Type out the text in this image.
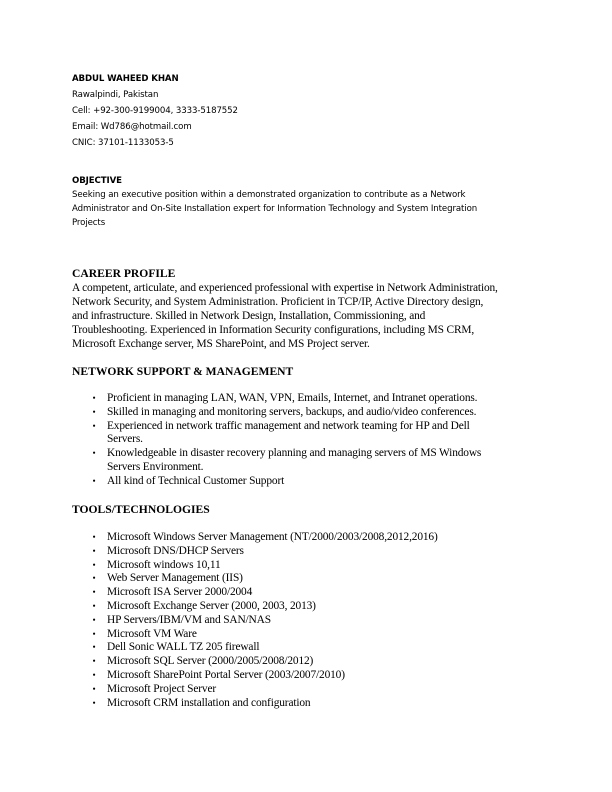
ABDUL WAHEED KHAN
Rawalpindi, Pakistan
Cell: +92-300-9199004, 3333-5187552
Email: Wd786@hotmail.com
CNIC: 37101-1133053-5
OBJECTIVE
Seeking an executive position within a demonstrated organization to contribute as a Network
Administrator and On-Site Installation expert for Information Technology and System Integration
Projects
CAREER PROFILE
A competent, articulate, and experienced professional with expertise in Network Administration,
Network Security, and System Administration. Proficient in TCP/IP, Active Directory design,
and infrastructure. Skilled in Network Design, Installation, Commissioning, and
Troubleshooting. Experienced in Information Security configurations, including MS CRM,
Microsoft Exchange server, MS SharePoint, and MS Project server.
NETWORK SUPPORT & MANAGEMENT
•	Proficient in managing LAN, WAN, VPN, Emails, Internet, and Intranet operations.
•	Skilled in managing and monitoring servers, backups, and audio/video conferences.
•	Experienced in network traffic management and network teaming for HP and Dell
Servers.
•	Knowledgeable in disaster recovery planning and managing servers of MS Windows
Servers Environment.
•	All kind of Technical Customer Support
TOOLS/TECHNOLOGIES
•	Microsoft Windows Server Management (NT/2000/2003/2008,2012,2016)
•	Microsoft DNS/DHCP Servers
•	Microsoft windows 10,11
•	Web Server Management (IIS)
•	Microsoft ISA Server 2000/2004
•	Microsoft Exchange Server (2000, 2003, 2013)
•	HP Servers/IBM/VM and SAN/NAS
•	Microsoft VM Ware
•	Dell Sonic WALL TZ 205 firewall
•	Microsoft SQL Server (2000/2005/2008/2012)
•	Microsoft SharePoint Portal Server (2003/2007/2010)
•	Microsoft Project Server
•	Microsoft CRM installation and configuration
